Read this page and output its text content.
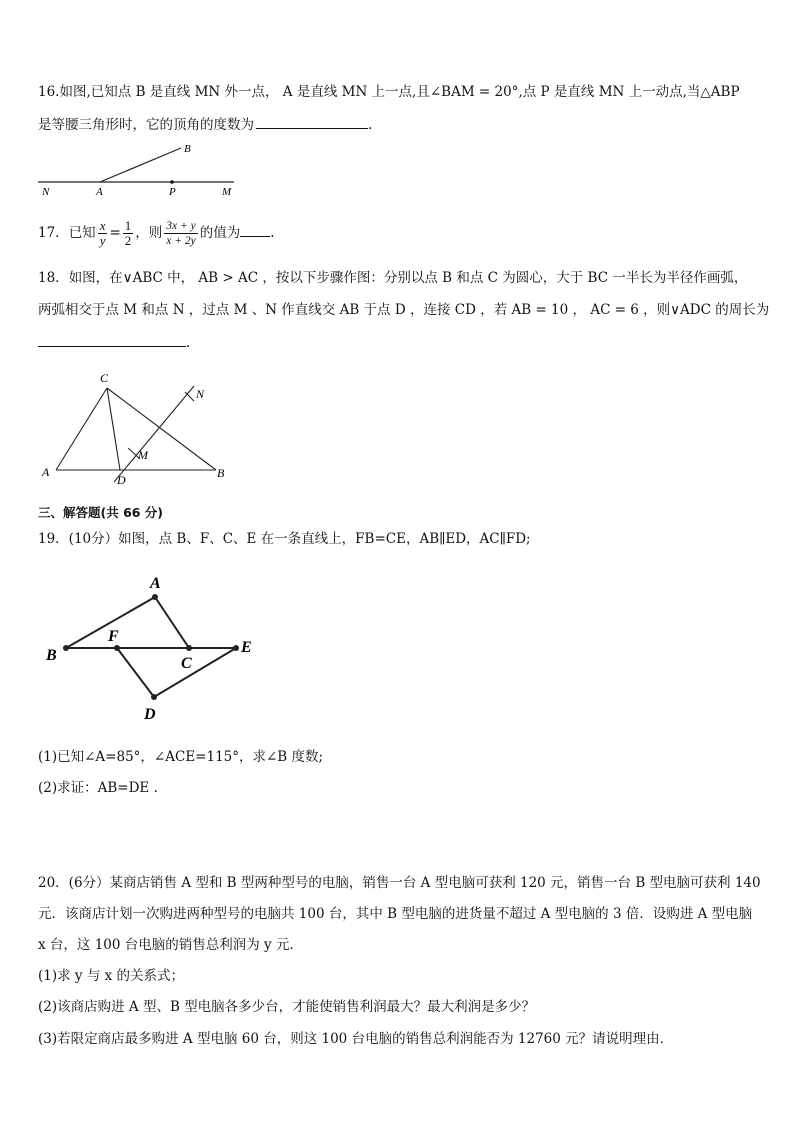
16.如图,已知点 B 是直线 MN 外一点， A 是直线 MN 上一点,且∠BAM = 20°,点 P 是直线 MN 上一动点,当△ABP
是等腰三角形时，它的顶角的度数为	.
B
N	A	P	M
17．已知 $\frac{x}{y} = \frac{1}{2}$ ，则 $\frac{3x + y}{x + 2y}$ 的值为 .
18．如图，在∨ABC 中， AB > AC ，按以下步骤作图：分别以点 B 和点 C 为圆心，大于 BC 一半长为半径作画弧，
两弧相交于点 M 和点 N ，过点 M 、N 作直线交 AB 于点 D ，连接 CD ，若 AB = 10 ， AC = 6 ，则∨ADC 的周长为
.
C
N
M
A
D	B
三、解答题(共 66 分)
19．(10分）如图，点 B、F、C、E 在一条直线上，FB=CE，AB∥ED，AC∥FD;
A
B
F
C
E
D
(1)已知∠A=85°，∠ACE=115°，求∠B 度数;
(2)求证：AB=DE .
20．(6分）某商店销售 A 型和 B 型两种型号的电脑，销售一台 A 型电脑可获利 120 元，销售一台 B 型电脑可获利 140
元．该商店计划一次购进两种型号的电脑共 100 台，其中 B 型电脑的进货量不超过 A 型电脑的 3 倍．设购进 A 型电脑
x 台，这 100 台电脑的销售总利润为 y 元．
(1)求 y 与 x 的关系式；
(2)该商店购进 A 型、B 型电脑各多少台，才能使销售利润最大？最大利润是多少？
(3)若限定商店最多购进 A 型电脑 60 台，则这 100 台电脑的销售总利润能否为 12760 元？请说明理由．
